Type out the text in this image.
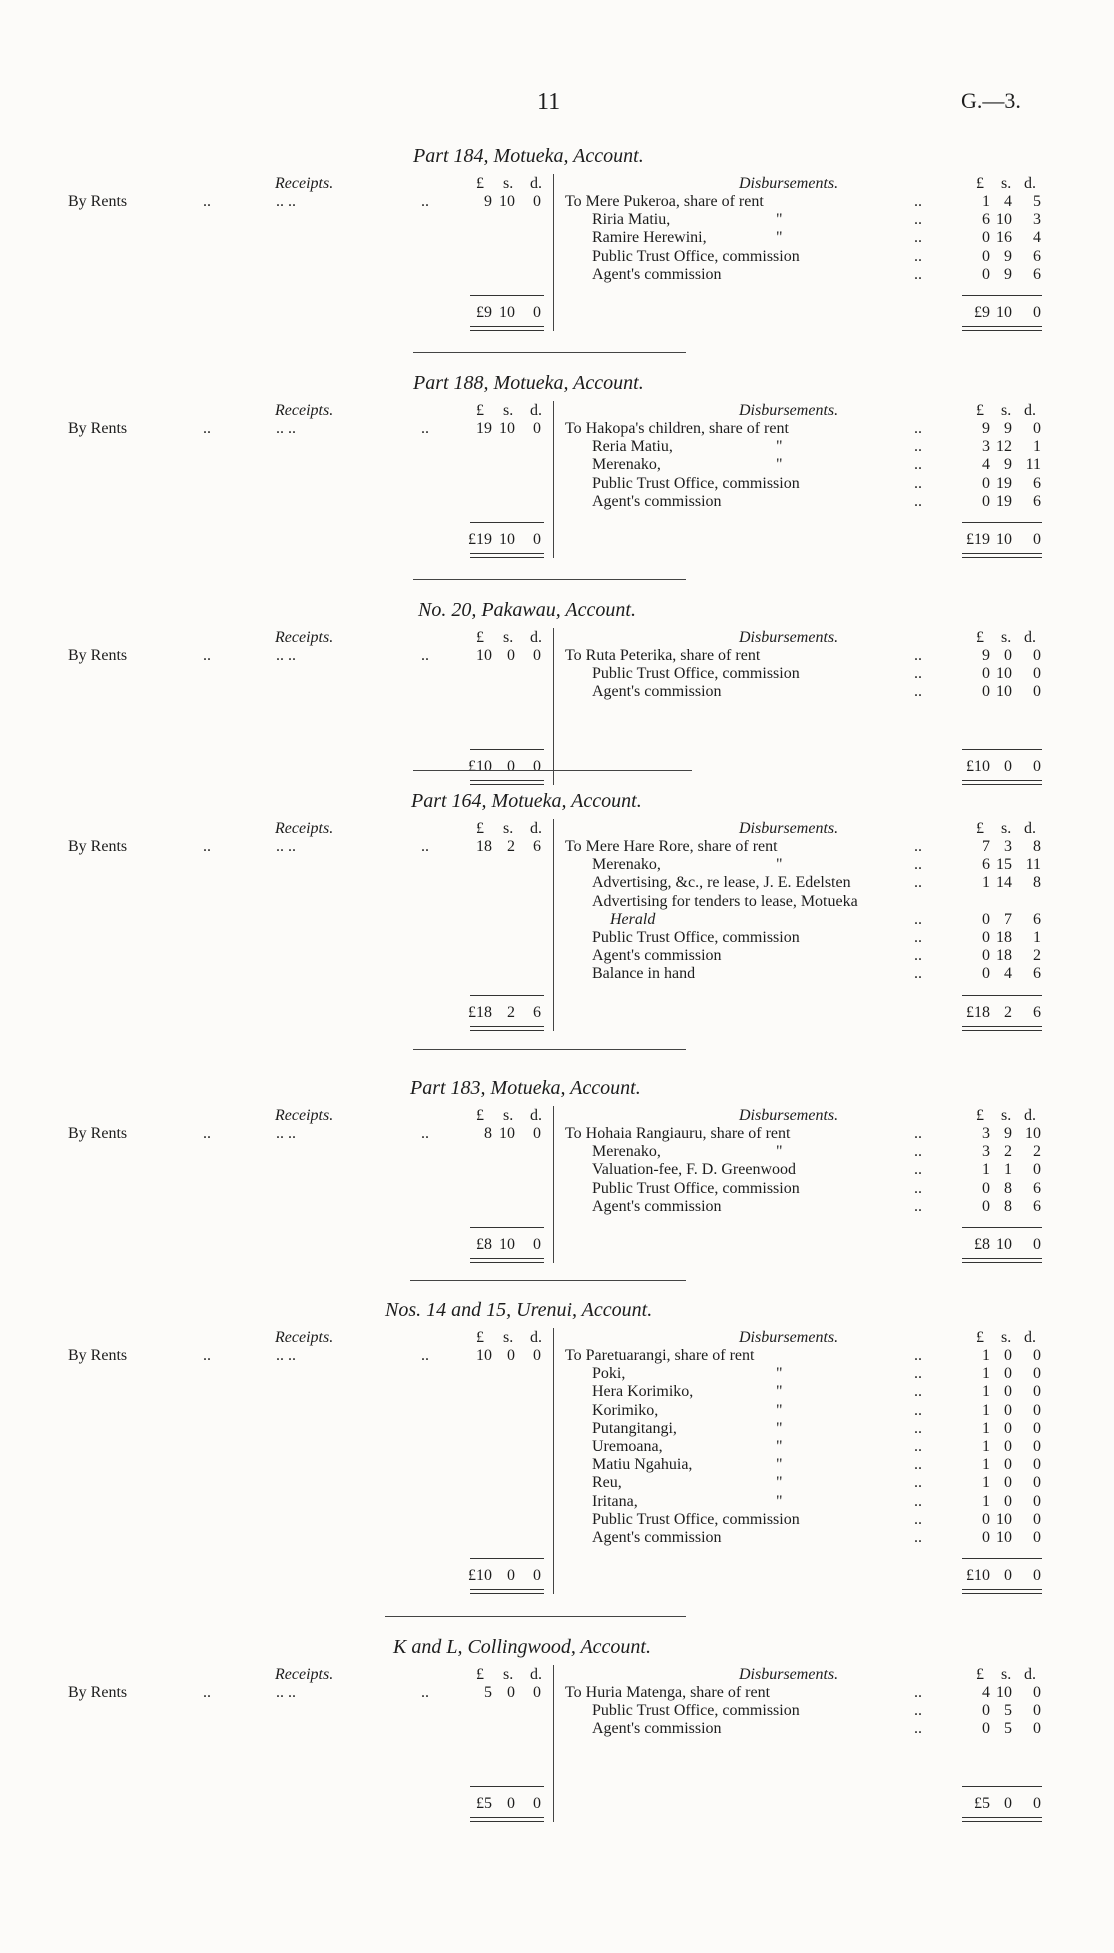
11	G.—3.
Part 184, Motueka, Account.
Receipts.	£ s. d.	Disbursements.	£ s. d.
By Rents	..	.. ..	..	9 10	0 To Mere Pukeroa, share of rent	..	1 4	5
Riria Matiu,	"	..	6 10	3
Ramire Herewini,	"	..	0 16	4
Public Trust Office, commission	..	0 9	6
Agent's commission	..	0 9	6
£9 10	0	£9 10	0
Part 188, Motueka, Account.
Receipts.	£ s. d.	Disbursements.	£ s. d.
By Rents	..	.. ..	..	19 10	0 To Hakopa's children, share of rent	..	9 9	0
Reria Matiu,	"	..	3 12	1
Merenako,	"	..	4 9 11
Public Trust Office, commission	..	0 19	6
Agent's commission	..	0 19	6
£19 10	0	£19 10	0
No. 20, Pakawau, Account.
Receipts.	£ s. d.	Disbursements.	£ s. d.
By Rents	..	.. ..	..	10 0	0 To Ruta Peterika, share of rent	..	9 0	0
Public Trust Office, commission	..	0 10	0
Agent's commission	..	0 10	0
£10 0	0	£10 0	0
Part 164, Motueka, Account.
Receipts.	£ s. d.	Disbursements.	£ s. d.
By Rents	..	.. ..	..	18 2	6 To Mere Hare Rore, share of rent	..	7 3	8
Merenako,	"	..	6 15 11
Advertising, &c., re lease, J. E. Edelsten	..	1 14	8
Advertising for tenders to lease, Motueka
Herald	..	0 7	6
Public Trust Office, commission	..	0 18	1
Agent's commission	..	0 18	2
Balance in hand	..	0 4	6
£18 2	6	£18 2	6
Part 183, Motueka, Account.
Receipts.	£ s. d.	Disbursements.	£ s. d.
By Rents	..	.. ..	..	8 10	0 To Hohaia Rangiauru, share of rent	..	3 9 10
Merenako,	"	..	3 2	2
Valuation-fee, F. D. Greenwood	..	1 1	0
Public Trust Office, commission	..	0 8	6
Agent's commission	..	0 8	6
£8 10	0	£8 10	0
Nos. 14 and 15, Urenui, Account.
Receipts.	£ s. d.	Disbursements.	£ s. d.
By Rents	..	.. ..	..	10 0	0 To Paretuarangi, share of rent	..	1 0	0
Poki,	"	..	1 0	0
Hera Korimiko,	"	..	1 0	0
Korimiko,	"	..	1 0	0
Putangitangi,	"	..	1 0	0
Uremoana,	"	..	1 0	0
Matiu Ngahuia,	"	..	1 0	0
Reu,	"	..	1 0	0
Iritana,	"	..	1 0	0
Public Trust Office, commission	..	0 10	0
Agent's commission	..	0 10	0
£10 0	0	£10 0	0
K and L, Collingwood, Account.
Receipts.	£ s. d.	Disbursements.	£ s. d.
By Rents	..	.. ..	..	5 0	0 To Huria Matenga, share of rent	..	4 10	0
Public Trust Office, commission	..	0 5	0
Agent's commission	..	0 5	0
£5 0	0	£5 0	0
